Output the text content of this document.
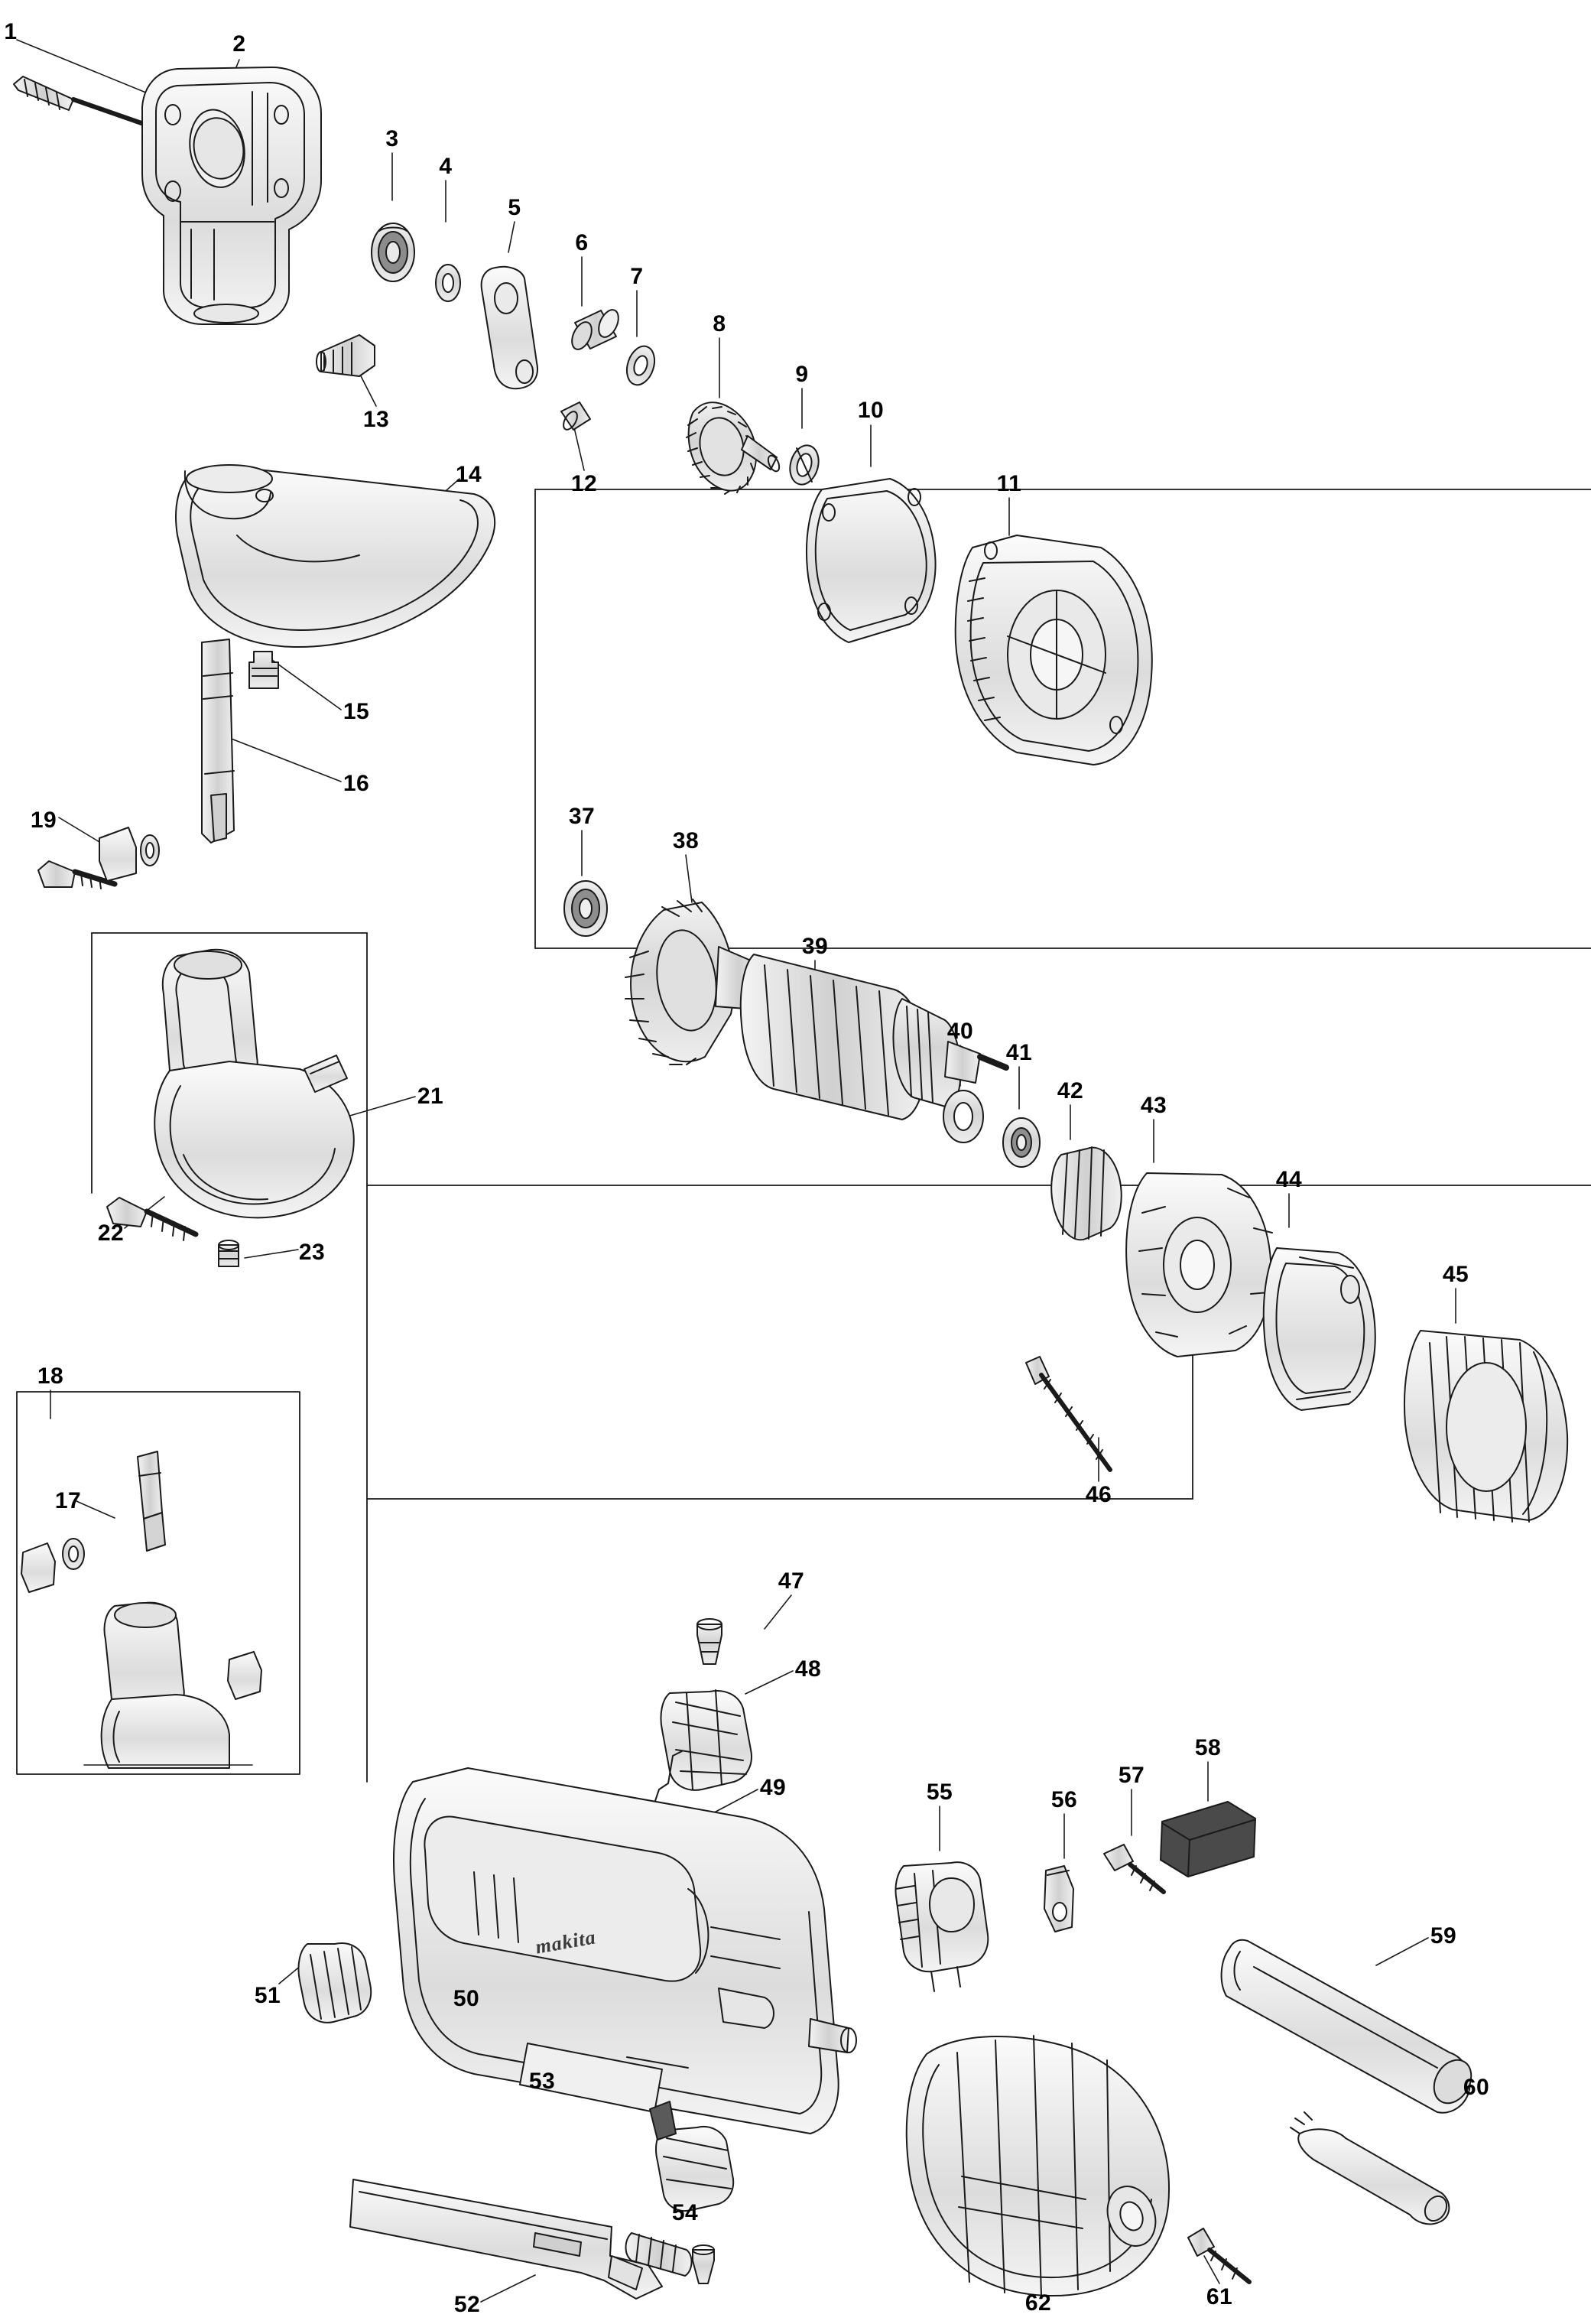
makita
1	2
3
4
5
6
7
8
9
10
11
12
13
14
15
16
17
18
19
21
22
23
37
38
39
40
41
42
43
44
45
46
47
48
49
50
51
52
53
54
55	56
57
58
59
60
61
62
